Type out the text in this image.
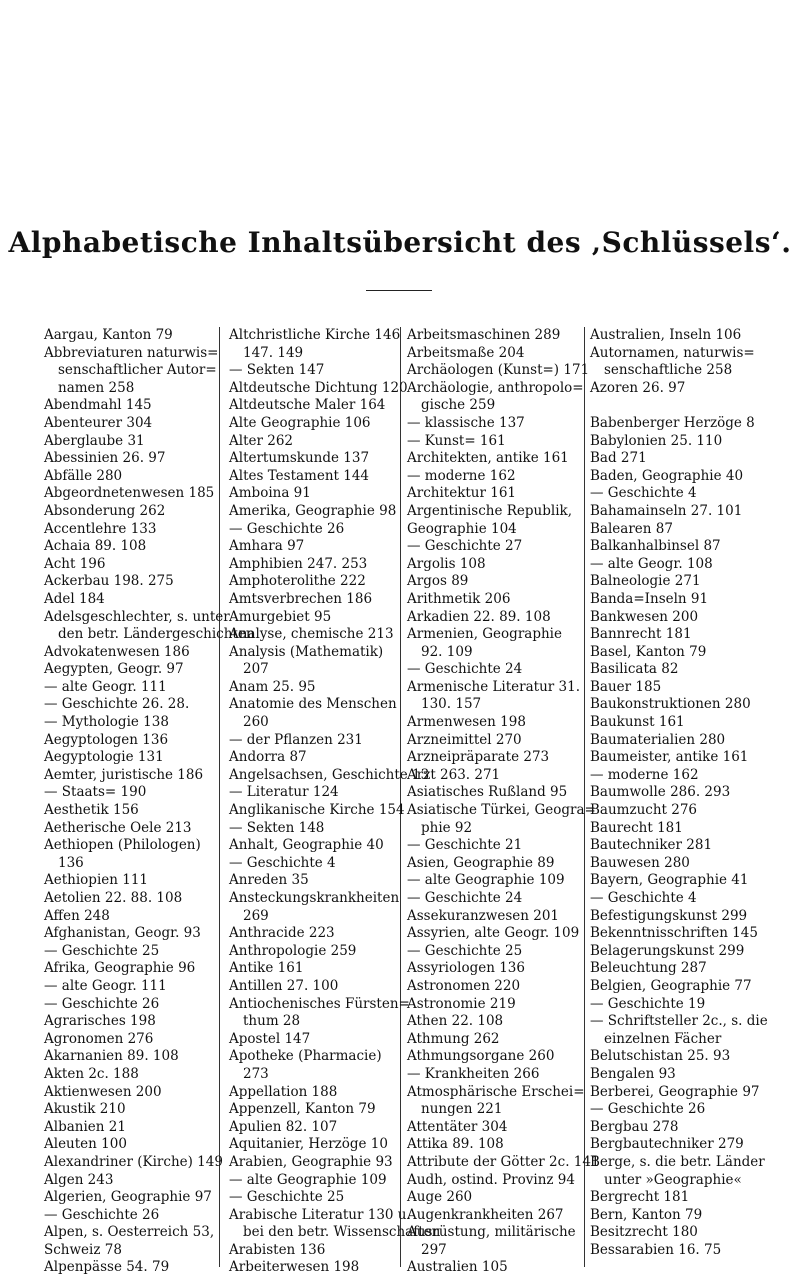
Alphabetische Inhaltsübersicht des ‚Schlüssels‘.
Aargau, Kanton 79
Abbreviaturen naturwis=
senschaftlicher Autor=
namen 258
Abendmahl 145
Abenteurer 304
Aberglaube 31
Abessinien 26. 97
Abfälle 280
Abgeordnetenwesen 185
Absonderung 262
Accentlehre 133
Achaia 89. 108
Acht 196
Ackerbau 198. 275
Adel 184
Adelsgeschlechter, s. unter
den betr. Ländergeschichten
Advokatenwesen 186
Aegypten, Geogr. 97
— alte Geogr. 111
— Geschichte 26. 28.
— Mythologie 138
Aegyptologen 136
Aegyptologie 131
Aemter, juristische 186
— Staats= 190
Aesthetik 156
Aetherische Oele 213
Aethiopen (Philologen)
136
Aethiopien 111
Aetolien 22. 88. 108
Affen 248
Afghanistan, Geogr. 93
— Geschichte 25
Afrika, Geographie 96
— alte Geogr. 111
— Geschichte 26
Agrarisches 198
Agronomen 276
Akarnanien 89. 108
Akten 2c. 188
Aktienwesen 200
Akustik 210
Albanien 21
Aleuten 100
Alexandriner (Kirche) 149
Algen 243
Algerien, Geographie 97
— Geschichte 26
Alpen, s. Oesterreich 53,
Schweiz 78
Alpenpässe 54. 79
Altchristliche Kirche 146
147. 149
— Sekten 147
Altdeutsche Dichtung 120
Altdeutsche Maler 164
Alte Geographie 106
Alter 262
Altertumskunde 137
Altes Testament 144
Amboina 91
Amerika, Geographie 98
— Geschichte 26
Amhara 97
Amphibien 247. 253
Amphoterolithe 222
Amtsverbrechen 186
Amurgebiet 95
Analyse, chemische 213
Analysis (Mathematik)
207
Anam 25. 95
Anatomie des Menschen
260
— der Pflanzen 231
Andorra 87
Angelsachsen, Geschichte 13
— Literatur 124
Anglikanische Kirche 154
— Sekten 148
Anhalt, Geographie 40
— Geschichte 4
Anreden 35
Ansteckungskrankheiten
269
Anthracide 223
Anthropologie 259
Antike 161
Antillen 27. 100
Antiochenisches Fürsten=
thum 28
Apostel 147
Apotheke (Pharmacie)
273
Appellation 188
Appenzell, Kanton 79
Apulien 82. 107
Aquitanier, Herzöge 10
Arabien, Geographie 93
— alte Geographie 109
— Geschichte 25
Arabische Literatur 130 u.
bei den betr. Wissenschaften
Arabisten 136
Arbeiterwesen 198
Arbeitsmaschinen 289
Arbeitsmaße 204
Archäologen (Kunst=) 171
Archäologie, anthropolo=
gische 259
— klassische 137
— Kunst= 161
Architekten, antike 161
— moderne 162
Architektur 161
Argentinische Republik,
Geographie 104
— Geschichte 27
Argolis 108
Argos 89
Arithmetik 206
Arkadien 22. 89. 108
Armenien, Geographie
92. 109
— Geschichte 24
Armenische Literatur 31.
130. 157
Armenwesen 198
Arzneimittel 270
Arzneipräparate 273
Arzt 263. 271
Asiatisches Rußland 95
Asiatische Türkei, Geogra=
phie 92
— Geschichte 21
Asien, Geographie 89
— alte Geographie 109
— Geschichte 24
Assekuranzwesen 201
Assyrien, alte Geogr. 109
— Geschichte 25
Assyriologen 136
Astronomen 220
Astronomie 219
Athen 22. 108
Athmung 262
Athmungsorgane 260
— Krankheiten 266
Atmosphärische Erschei=
nungen 221
Attentäter 304
Attika 89. 108
Attribute der Götter 2c. 141
Audh, ostind. Provinz 94
Auge 260
Augenkrankheiten 267
Ausrüstung, militärische
297
Australien 105
Australien, Inseln 106
Autornamen, naturwis=
senschaftliche 258
Azoren 26. 97
Babenberger Herzöge 8
Babylonien 25. 110
Bad 271
Baden, Geographie 40
— Geschichte 4
Bahamainseln 27. 101
Balearen 87
Balkanhalbinsel 87
— alte Geogr. 108
Balneologie 271
Banda=Inseln 91
Bankwesen 200
Bannrecht 181
Basel, Kanton 79
Basilicata 82
Bauer 185
Baukonstruktionen 280
Baukunst 161
Baumaterialien 280
Baumeister, antike 161
— moderne 162
Baumwolle 286. 293
Baumzucht 276
Baurecht 181
Bautechniker 281
Bauwesen 280
Bayern, Geographie 41
— Geschichte 4
Befestigungskunst 299
Bekenntnisschriften 145
Belagerungskunst 299
Beleuchtung 287
Belgien, Geographie 77
— Geschichte 19
— Schriftsteller 2c., s. die
einzelnen Fächer
Belutschistan 25. 93
Bengalen 93
Berberei, Geographie 97
— Geschichte 26
Bergbau 278
Bergbautechniker 279
Berge, s. die betr. Länder
unter »Geographie«
Bergrecht 181
Bern, Kanton 79
Besitzrecht 180
Bessarabien 16. 75
